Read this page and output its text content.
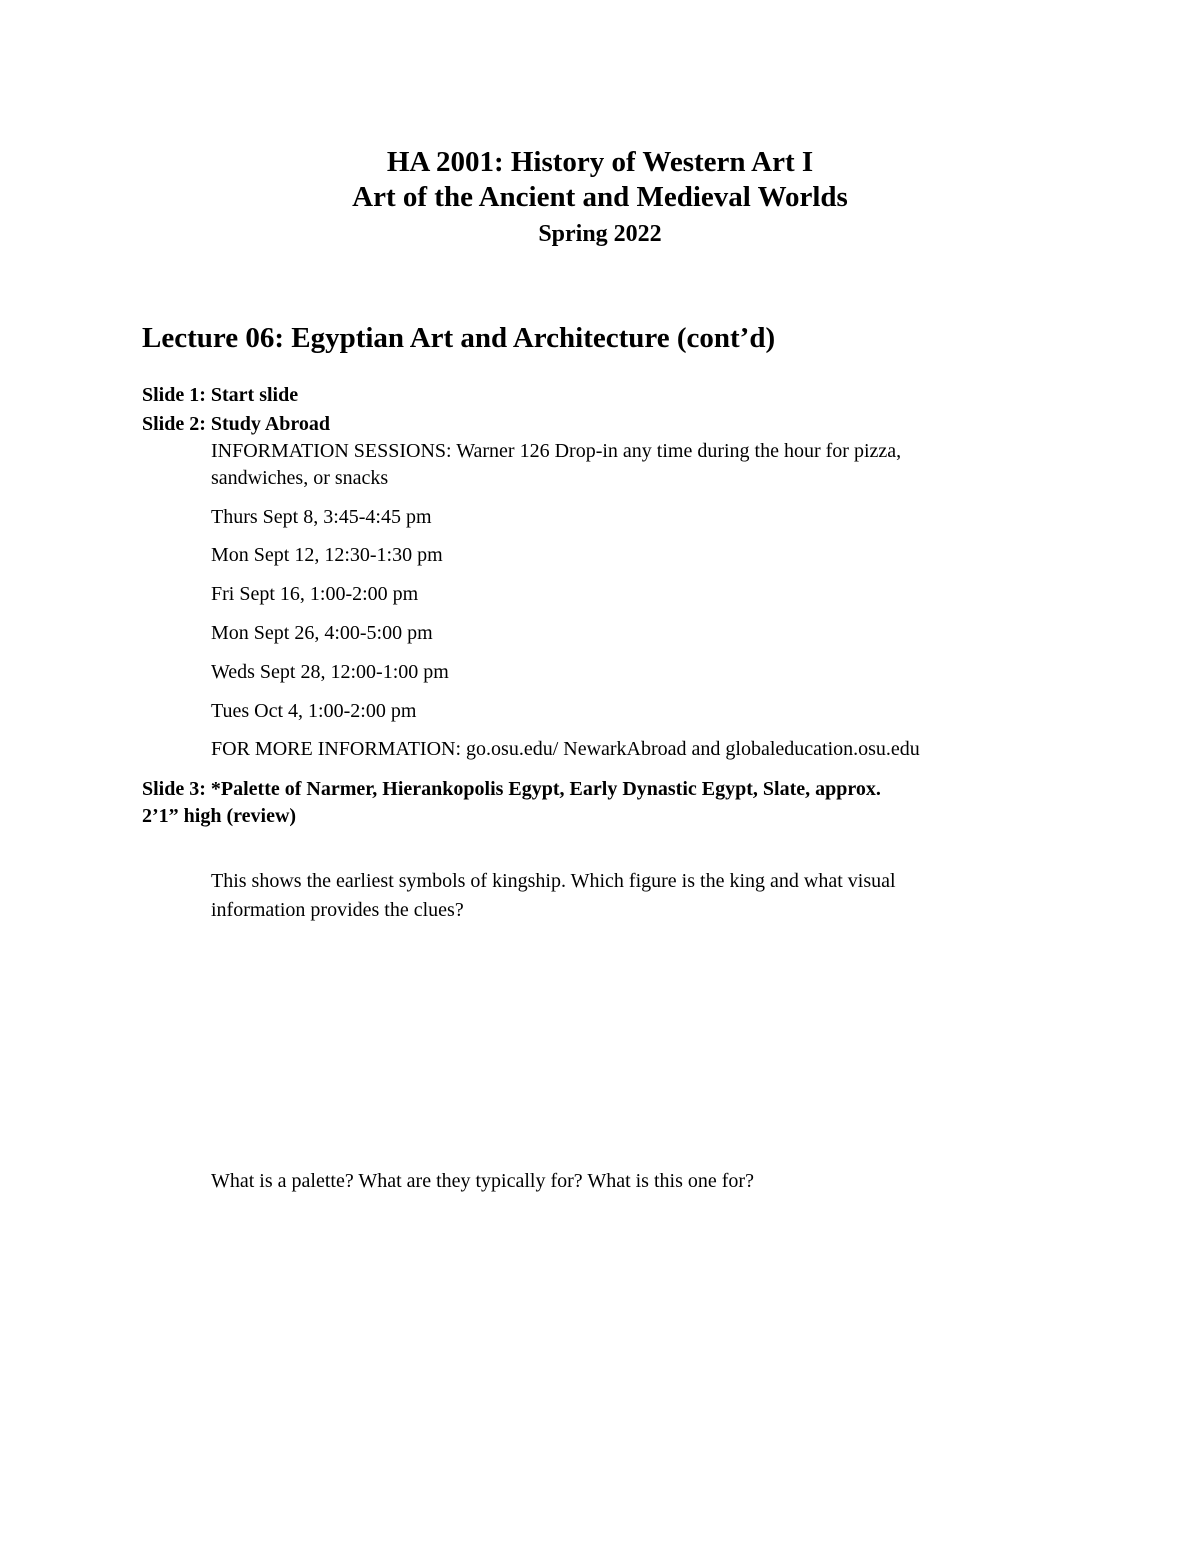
HA 2001: History of Western Art I
Art of the Ancient and Medieval Worlds
Spring 2022
Lecture 06: Egyptian Art and Architecture (cont’d)
Slide 1: Start slide
Slide 2: Study Abroad
INFORMATION SESSIONS: Warner 126 Drop-in any time during the hour for pizza,
sandwiches, or snacks
Thurs Sept 8, 3:45-4:45 pm
Mon Sept 12, 12:30-1:30 pm
Fri Sept 16, 1:00-2:00 pm
Mon Sept 26, 4:00-5:00 pm
Weds Sept 28, 12:00-1:00 pm
Tues Oct 4, 1:00-2:00 pm
FOR MORE INFORMATION: go.osu.edu/ NewarkAbroad and globaleducation.osu.edu
Slide 3: *Palette of Narmer, Hierankopolis Egypt, Early Dynastic Egypt, Slate, approx.
2’1” high (review)
This shows the earliest symbols of kingship. Which figure is the king and what visual
information provides the clues?
What is a palette? What are they typically for? What is this one for?
